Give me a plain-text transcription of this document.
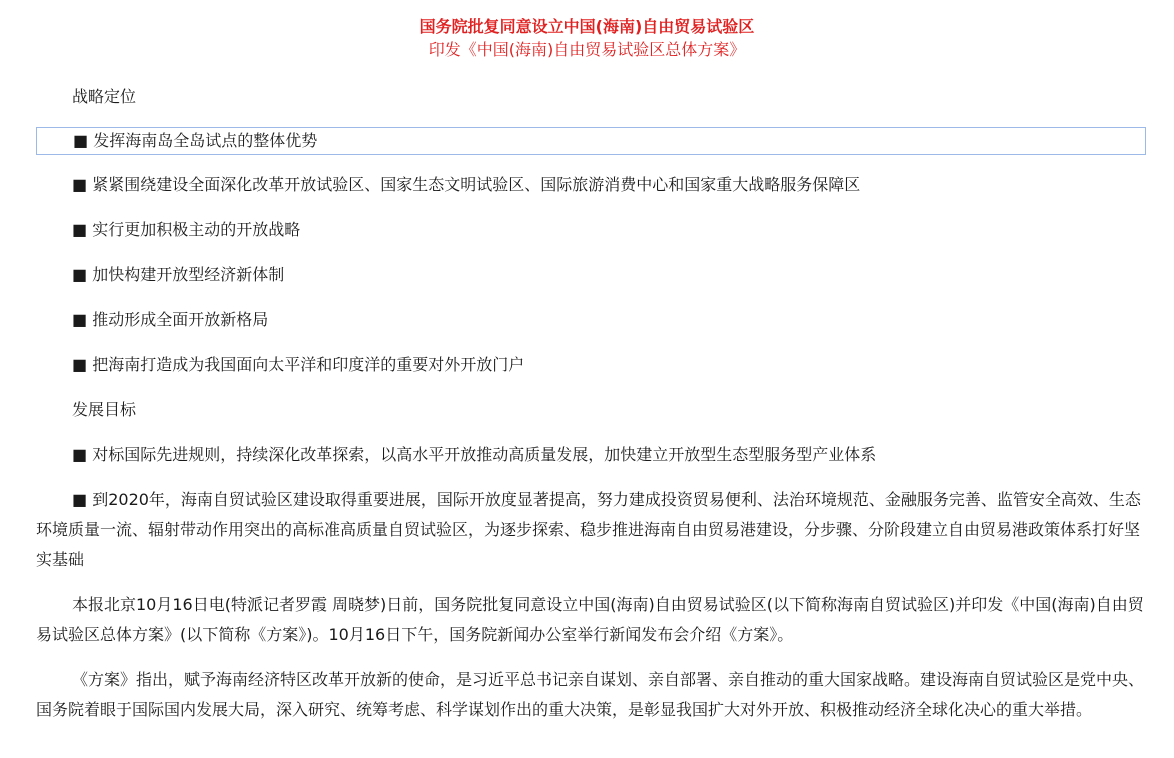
国务院批复同意设立中国(海南)自由贸易试验区
印发《中国(海南)自由贸易试验区总体方案》
战略定位
■ 发挥海南岛全岛试点的整体优势
■ 紧紧围绕建设全面深化改革开放试验区、国家生态文明试验区、国际旅游消费中心和国家重大战略服务保障区
■ 实行更加积极主动的开放战略
■ 加快构建开放型经济新体制
■ 推动形成全面开放新格局
■ 把海南打造成为我国面向太平洋和印度洋的重要对外开放门户
发展目标
■ 对标国际先进规则，持续深化改革探索，以高水平开放推动高质量发展，加快建立开放型生态型服务型产业体系

■ 到2020年，海南自贸试验区建设取得重要进展，国际开放度显著提高，努力建成投资贸易便利、法治环境规范、金融服务完善、监管安全高效、生态环境质量一流、辐射带动作用突出的高标准高质量自贸试验区，为逐步探索、稳步推进海南自由贸易港建设，分步骤、分阶段建立自由贸易港政策体系打好坚实基础

本报北京10月16日电(特派记者罗霞 周晓梦)日前，国务院批复同意设立中国(海南)自由贸易试验区(以下简称海南自贸试验区)并印发《中国(海南)自由贸易试验区总体方案》(以下简称《方案》)。10月16日下午，国务院新闻办公室举行新闻发布会介绍《方案》。

《方案》指出，赋予海南经济特区改革开放新的使命，是习近平总书记亲自谋划、亲自部署、亲自推动的重大国家战略。建设海南自贸试验区是党中央、国务院着眼于国际国内发展大局，深入研究、统筹考虑、科学谋划作出的重大决策，是彰显我国扩大对外开放、积极推动经济全球化决心的重大举措。
